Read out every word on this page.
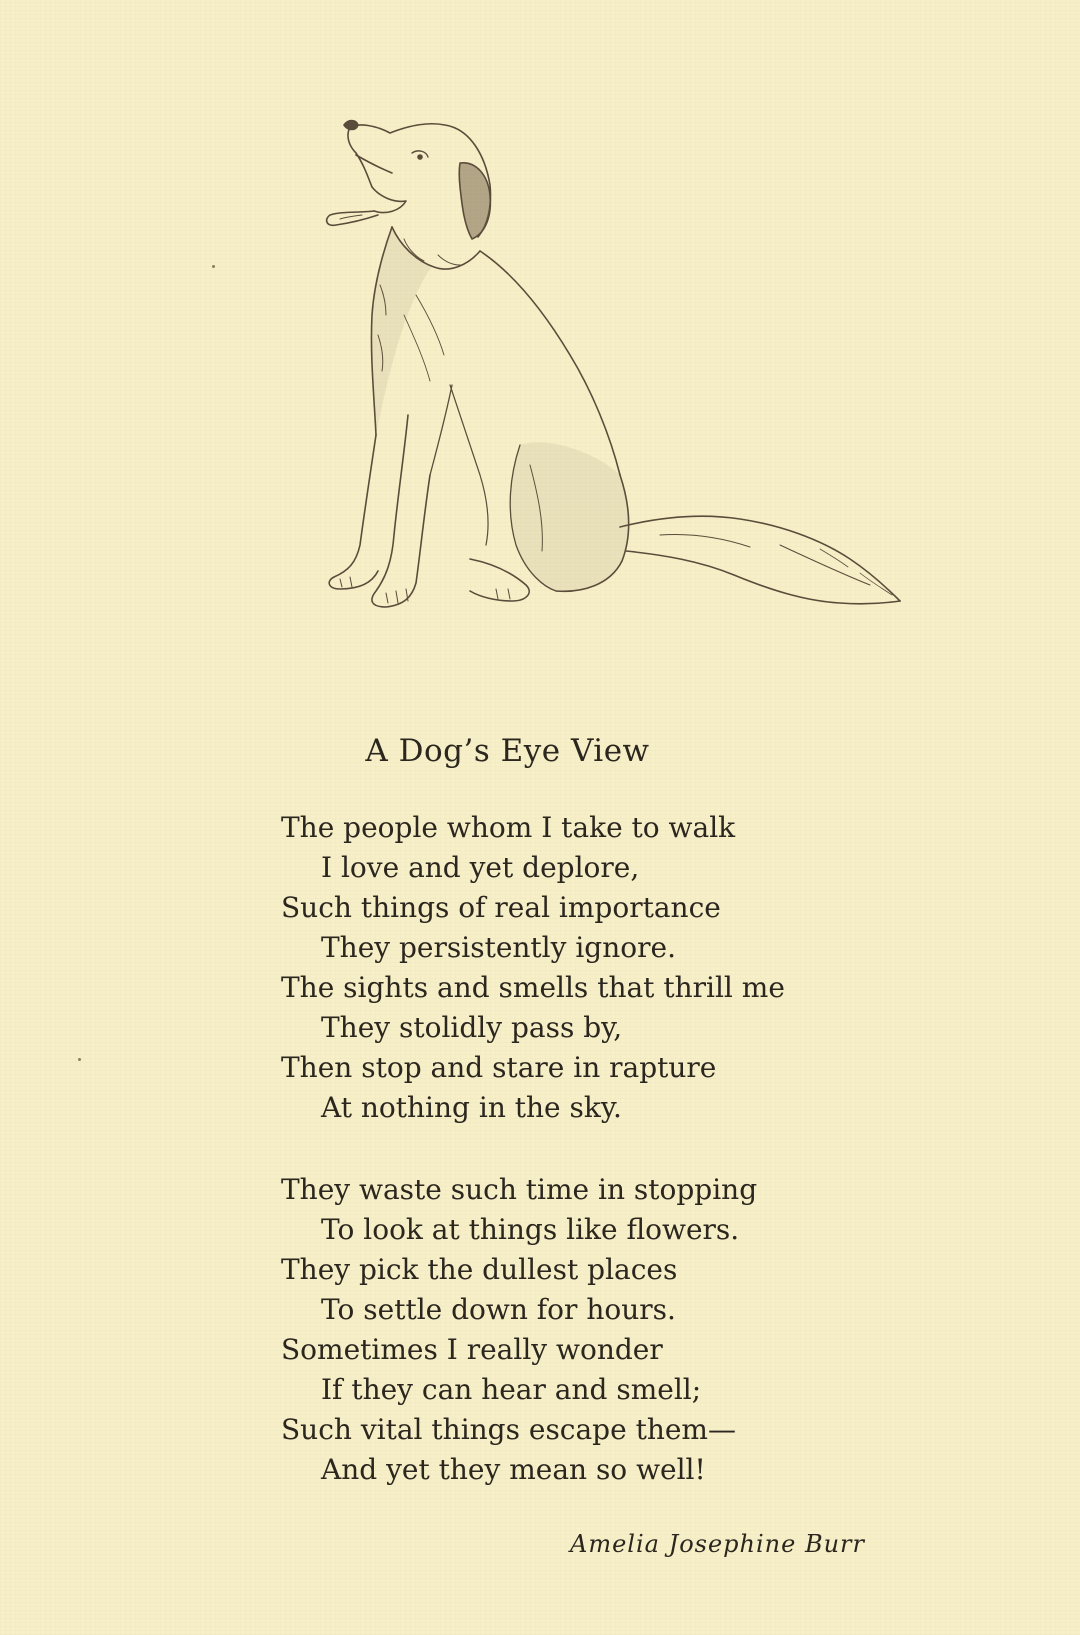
A Dog’s Eye View
The people whom I take to walk
I love and yet deplore,
Such things of real importance
They persistently ignore.
The sights and smells that thrill me
They stolidly pass by,
Then stop and stare in rapture
At nothing in the sky.
They waste such time in stopping
To look at things like flowers.
They pick the dullest places
To settle down for hours.
Sometimes I really wonder
If they can hear and smell;
Such vital things escape them—
And yet they mean so well!
Amelia Josephine Burr
